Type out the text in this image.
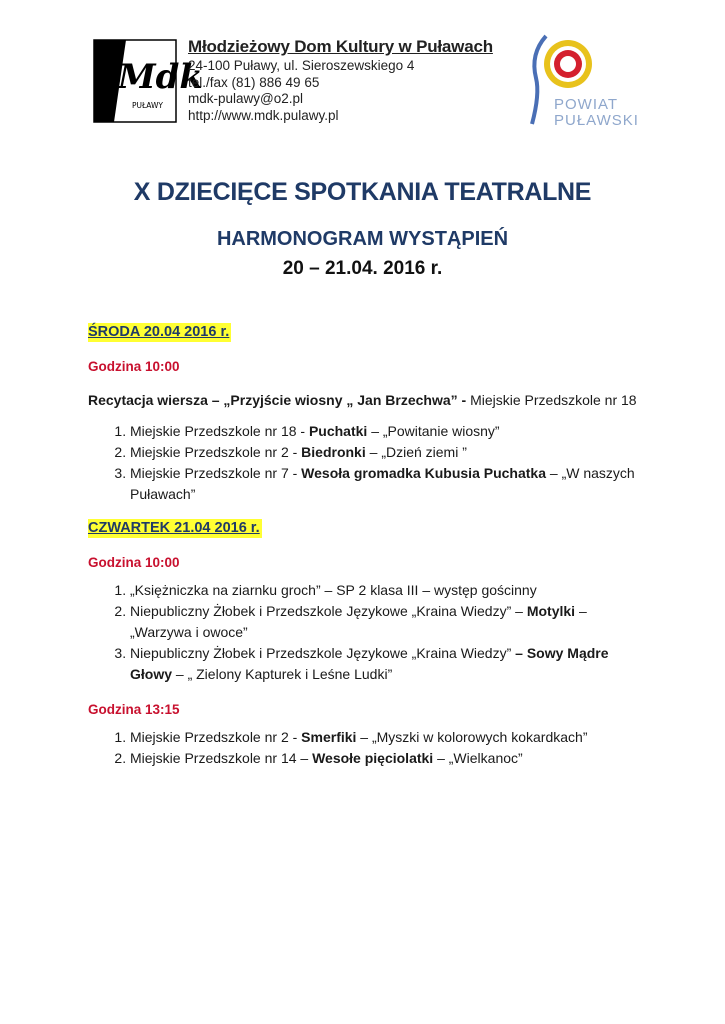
Mdk
PUŁAWY
Młodzieżowy Dom Kultury w Puławach
24-100 Puławy, ul. Sieroszewskiego 4
tel./fax (81) 886 49 65
mdk-pulawy@o2.pl
http://www.mdk.pulawy.pl
POWIAT
PUŁAWSKI
X DZIECIĘCE SPOTKANIA TEATRALNE
HARMONOGRAM WYSTĄPIEŃ
20 – 21.04. 2016 r.
ŚRODA 20.04 2016 r.
Godzina 10:00
Recytacja wiersza – „Przyjście wiosny „ Jan Brzechwa” - Miejskie Przedszkole nr 18
1. Miejskie Przedszkole nr 18 - Puchatki – „Powitanie wiosny”
2. Miejskie Przedszkole nr 2 - Biedronki – „Dzień ziemi ”
3. Miejskie Przedszkole nr 7 - Wesoła gromadka Kubusia Puchatka – „W naszych Puławach”
CZWARTEK 21.04 2016 r.
Godzina 10:00
1. „Księżniczka na ziarnku groch” – SP 2 klasa III – występ gościnny
2. Niepubliczny Żłobek i Przedszkole Językowe „Kraina Wiedzy” – Motylki – „Warzywa i owoce”
3. Niepubliczny Żłobek i Przedszkole Językowe „Kraina Wiedzy” – Sowy Mądre Głowy – „ Zielony Kapturek i Leśne Ludki”
Godzina 13:15
1. Miejskie Przedszkole nr 2 - Smerfiki – „Myszki w kolorowych kokardkach”
2. Miejskie Przedszkole nr 14 – Wesołe pięciolatki – „Wielkanoc”
